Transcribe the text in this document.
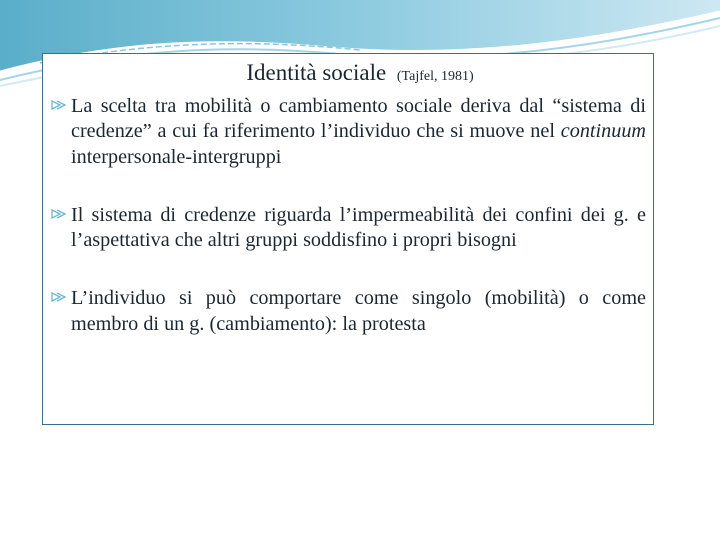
Identità sociale (Tajfel, 1981)
La scelta tra mobilità o cambiamento sociale deriva dal “sistema di credenze” a cui fa riferimento l’individuo che si muove nel continuum interpersonale-intergruppi
Il sistema di credenze riguarda l’impermeabilità dei confini dei g. e l’aspettativa che altri gruppi soddisfino i propri bisogni
L’individuo si può comportare come singolo (mobilità) o come membro di un g. (cambiamento): la protesta
